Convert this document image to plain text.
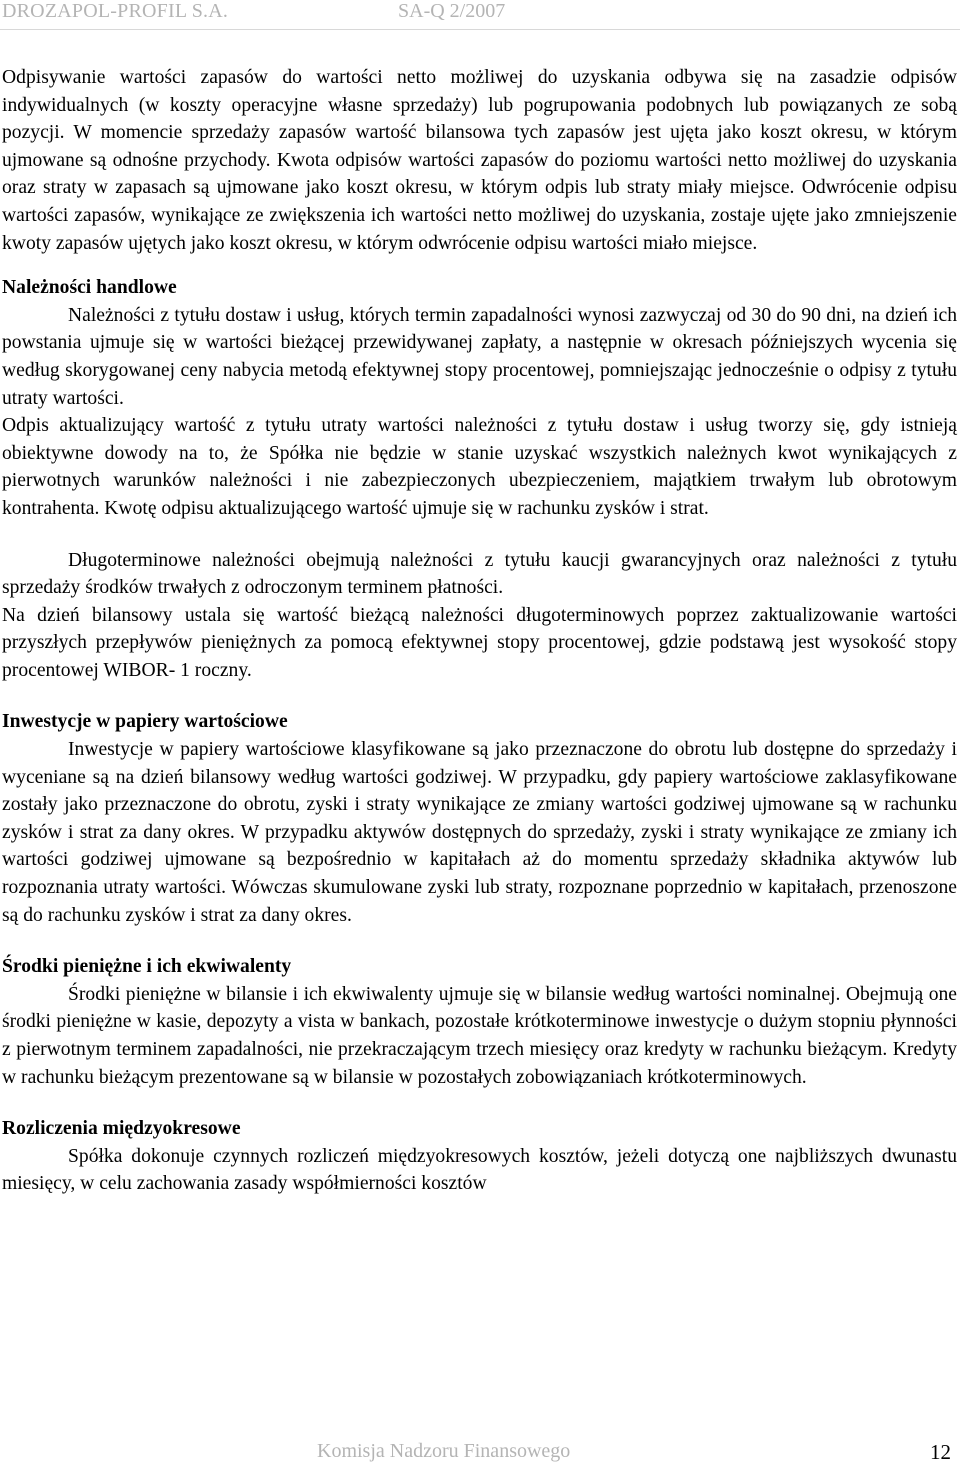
DROZAPOL-PROFIL S.A.	SA-Q 2/2007

Odpisywanie wartości zapasów do wartości netto możliwej do uzyskania odbywa się na zasadzie odpisów indywidualnych (w koszty operacyjne własne sprzedaży) lub pogrupowania podobnych lub powiązanych ze sobą pozycji. W momencie sprzedaży zapasów wartość bilansowa tych zapasów jest ujęta jako koszt okresu, w którym ujmowane są odnośne przychody. Kwota odpisów wartości zapasów do poziomu wartości netto możliwej do uzyskania oraz straty w zapasach są ujmowane jako koszt okresu, w którym odpis lub straty miały miejsce. Odwrócenie odpisu wartości zapasów, wynikające ze zwiększenia ich wartości netto możliwej do uzyskania, zostaje ujęte jako zmniejszenie kwoty zapasów ujętych jako koszt okresu, w którym odwrócenie odpisu wartości miało miejsce.

Należności handlowe

Należności z tytułu dostaw i usług, których termin zapadalności wynosi zazwyczaj od 30 do 90 dni, na dzień ich powstania ujmuje się w wartości bieżącej przewidywanej zapłaty, a następnie w okresach późniejszych wycenia się według skorygowanej ceny nabycia metodą efektywnej stopy procentowej, pomniejszając jednocześnie o odpisy z tytułu utraty wartości.

Odpis aktualizujący wartość z tytułu utraty wartości należności z tytułu dostaw i usług tworzy się, gdy istnieją obiektywne dowody na to, że Spółka nie będzie w stanie uzyskać wszystkich należnych kwot wynikających z pierwotnych warunków należności i nie zabezpieczonych ubezpieczeniem, majątkiem trwałym lub obrotowym kontrahenta. Kwotę odpisu aktualizującego wartość ujmuje się w rachunku zysków i strat.

Długoterminowe należności obejmują należności z tytułu kaucji gwarancyjnych oraz należności z tytułu sprzedaży środków trwałych z odroczonym terminem płatności.

Na dzień bilansowy ustala się wartość bieżącą należności długoterminowych poprzez zaktualizowanie wartości przyszłych przepływów pieniężnych za pomocą efektywnej stopy procentowej, gdzie podstawą jest wysokość stopy procentowej WIBOR- 1 roczny.

Inwestycje w papiery wartościowe

Inwestycje w papiery wartościowe klasyfikowane są jako przeznaczone do obrotu lub dostępne do sprzedaży i wyceniane są na dzień bilansowy według wartości godziwej. W przypadku, gdy papiery wartościowe zaklasyfikowane zostały jako przeznaczone do obrotu, zyski i straty wynikające ze zmiany wartości godziwej ujmowane są w rachunku zysków i strat za dany okres. W przypadku aktywów dostępnych do sprzedaży, zyski i straty wynikające ze zmiany ich wartości godziwej ujmowane są bezpośrednio w kapitałach aż do momentu sprzedaży składnika aktywów lub rozpoznania utraty wartości. Wówczas skumulowane zyski lub straty, rozpoznane poprzednio w kapitałach, przenoszone są do rachunku zysków i strat za dany okres.

Środki pieniężne i ich ekwiwalenty

Środki pieniężne w bilansie i ich ekwiwalenty ujmuje się w bilansie według wartości nominalnej. Obejmują one środki pieniężne w kasie, depozyty a vista w bankach, pozostałe krótkoterminowe inwestycje o dużym stopniu płynności z pierwotnym terminem zapadalności, nie przekraczającym trzech miesięcy oraz kredyty w rachunku bieżącym. Kredyty w rachunku bieżącym prezentowane są w bilansie w pozostałych zobowiązaniach krótkoterminowych.

Rozliczenia międzyokresowe

Spółka dokonuje czynnych rozliczeń międzyokresowych kosztów, jeżeli dotyczą one najbliższych dwunastu miesięcy, w celu zachowania zasady współmierności kosztów

Komisja Nadzoru Finansowego	12
